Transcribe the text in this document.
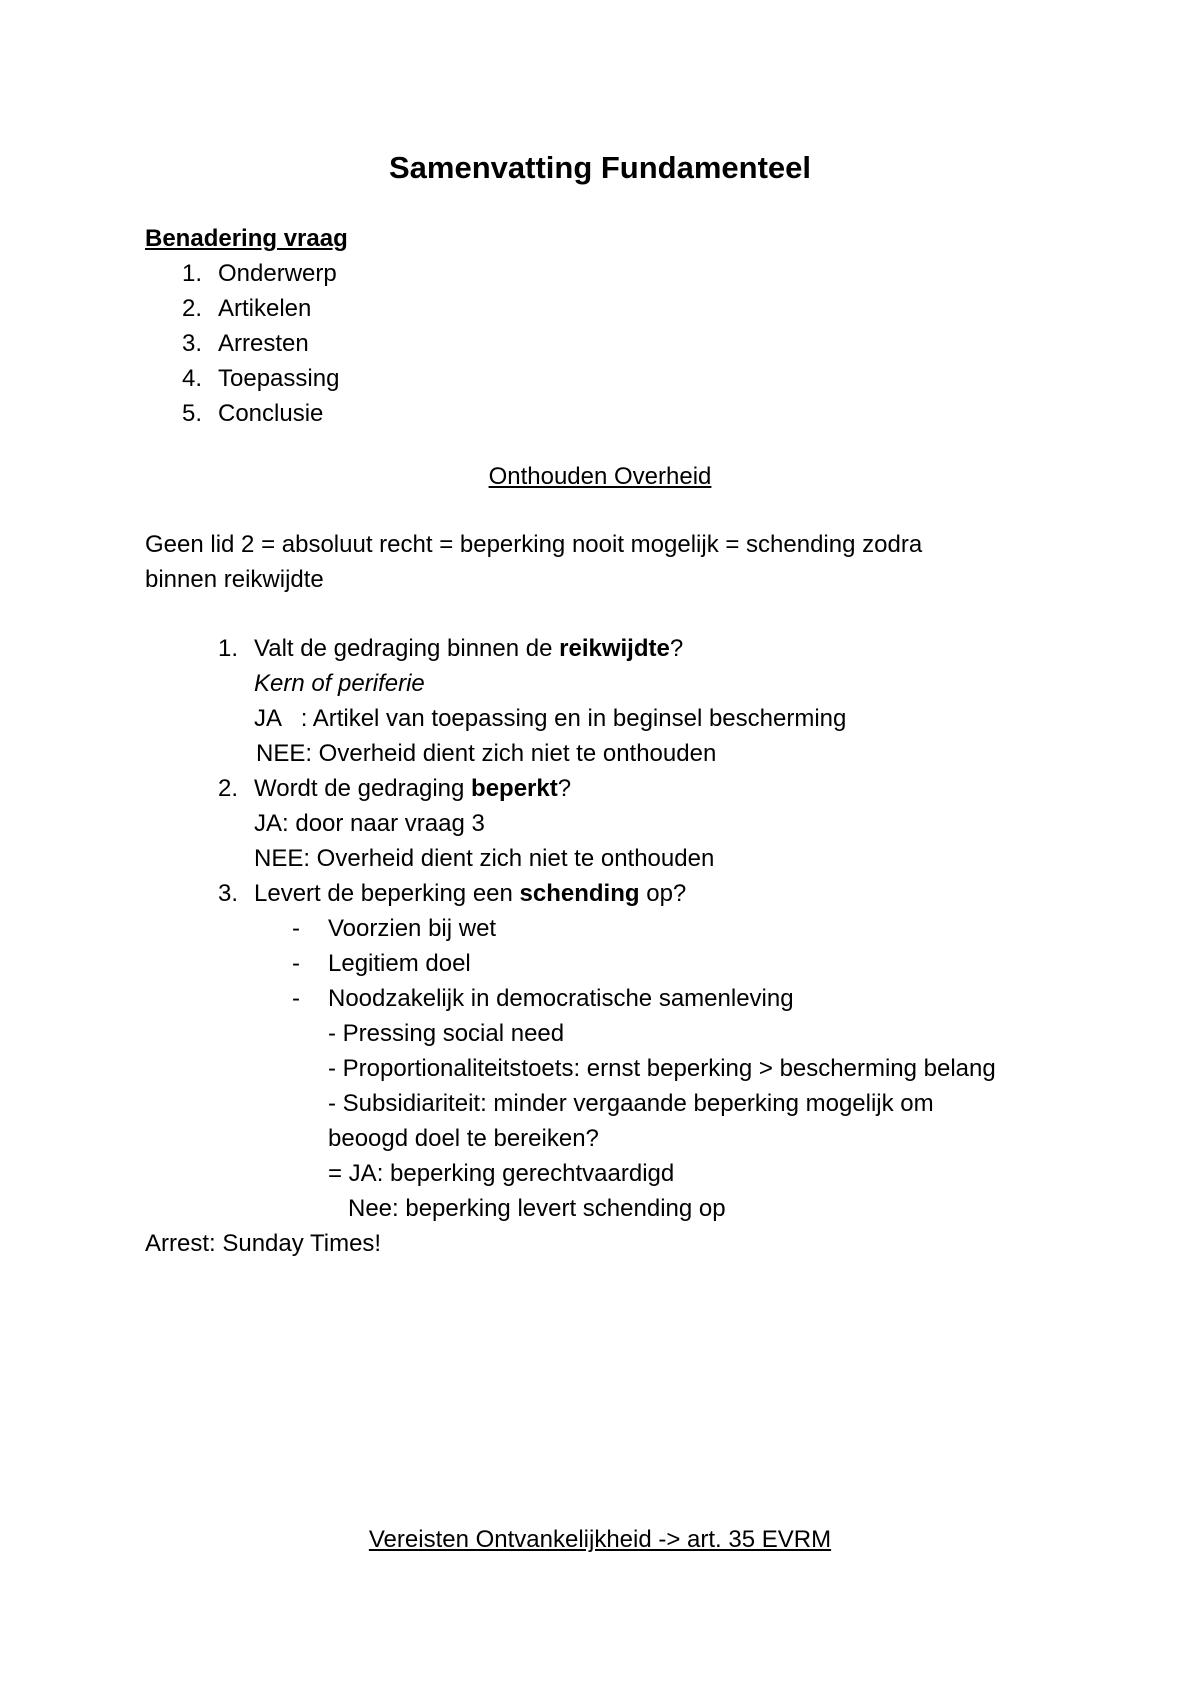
Samenvatting Fundamenteel
Benadering vraag
1. Onderwerp
2. Artikelen
3. Arresten
4. Toepassing
5. Conclusie
Onthouden Overheid
Geen lid 2 = absoluut recht = beperking nooit mogelijk = schending zodra
binnen reikwijdte
1. Valt de gedraging binnen de reikwijdte?
Kern of periferie
JA   : Artikel van toepassing en in beginsel bescherming
NEE: Overheid dient zich niet te onthouden
2. Wordt de gedraging beperkt?
JA: door naar vraag 3
NEE: Overheid dient zich niet te onthouden
3. Levert de beperking een schending op?
- Voorzien bij wet
- Legitiem doel
- Noodzakelijk in democratische samenleving
- Pressing social need
- Proportionaliteitstoets: ernst beperking > bescherming belang
- Subsidiariteit: minder vergaande beperking mogelijk om
beoogd doel te bereiken?
= JA: beperking gerechtvaardigd
Nee: beperking levert schending op
Arrest: Sunday Times!
Vereisten Ontvankelijkheid -> art. 35 EVRM
